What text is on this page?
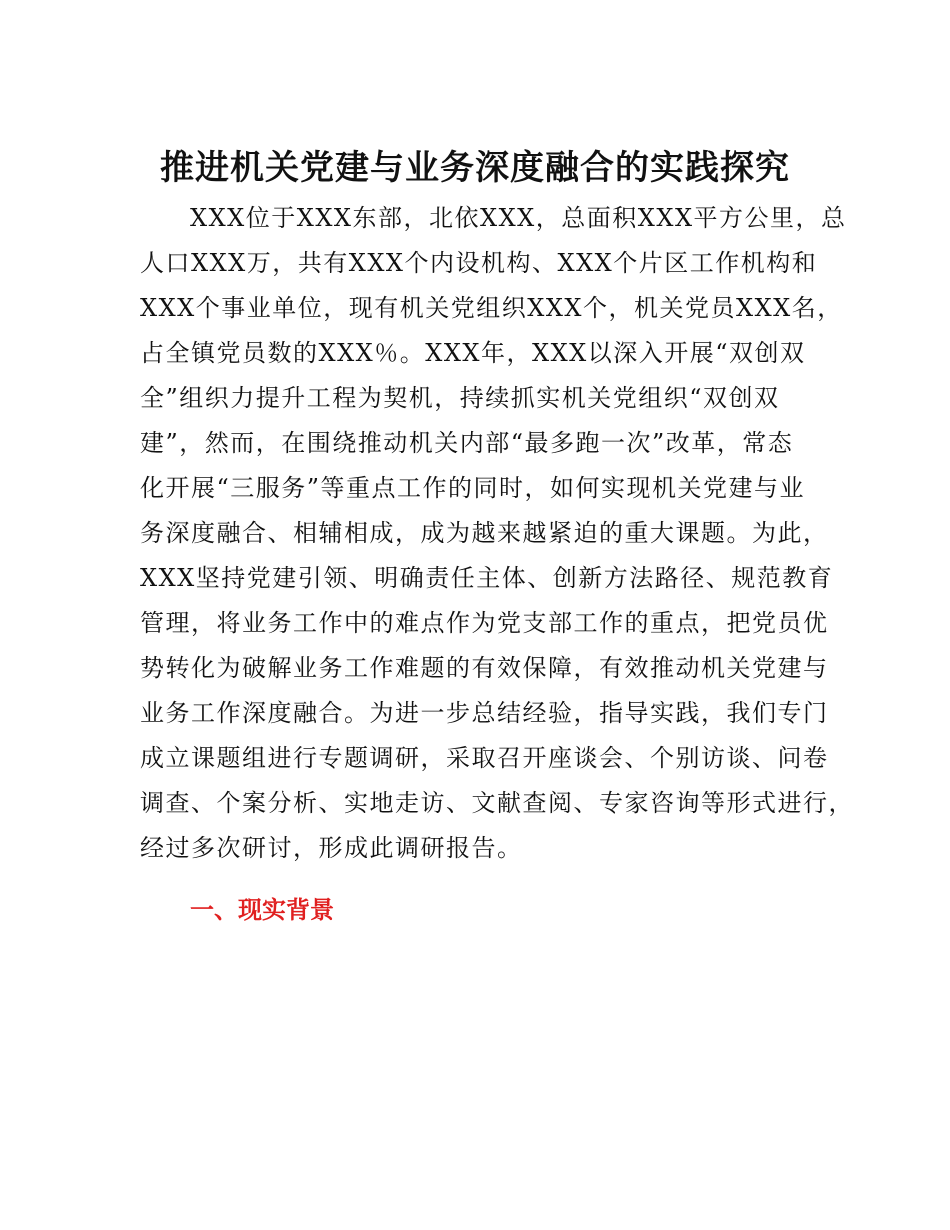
推进机关党建与业务深度融合的实践探究
XXX位于XXX东部，北依XXX，总面积XXX平方公里，总
人口XXX万，共有XXX个内设机构、XXX个片区工作机构和
XXX个事业单位，现有机关党组织XXX个，机关党员XXX名，
占全镇党员数的XXX％。XXX年，XXX以深入开展“双创双
全”组织力提升工程为契机，持续抓实机关党组织“双创双
建”，然而，在围绕推动机关内部“最多跑一次”改革，常态
化开展“三服务”等重点工作的同时，如何实现机关党建与业
务深度融合、相辅相成，成为越来越紧迫的重大课题。为此，
XXX坚持党建引领、明确责任主体、创新方法路径、规范教育
管理，将业务工作中的难点作为党支部工作的重点，把党员优
势转化为破解业务工作难题的有效保障，有效推动机关党建与
业务工作深度融合。为进一步总结经验，指导实践，我们专门
成立课题组进行专题调研，采取召开座谈会、个别访谈、问卷
调查、个案分析、实地走访、文献查阅、专家咨询等形式进行，
经过多次研讨，形成此调研报告。
一、现实背景
